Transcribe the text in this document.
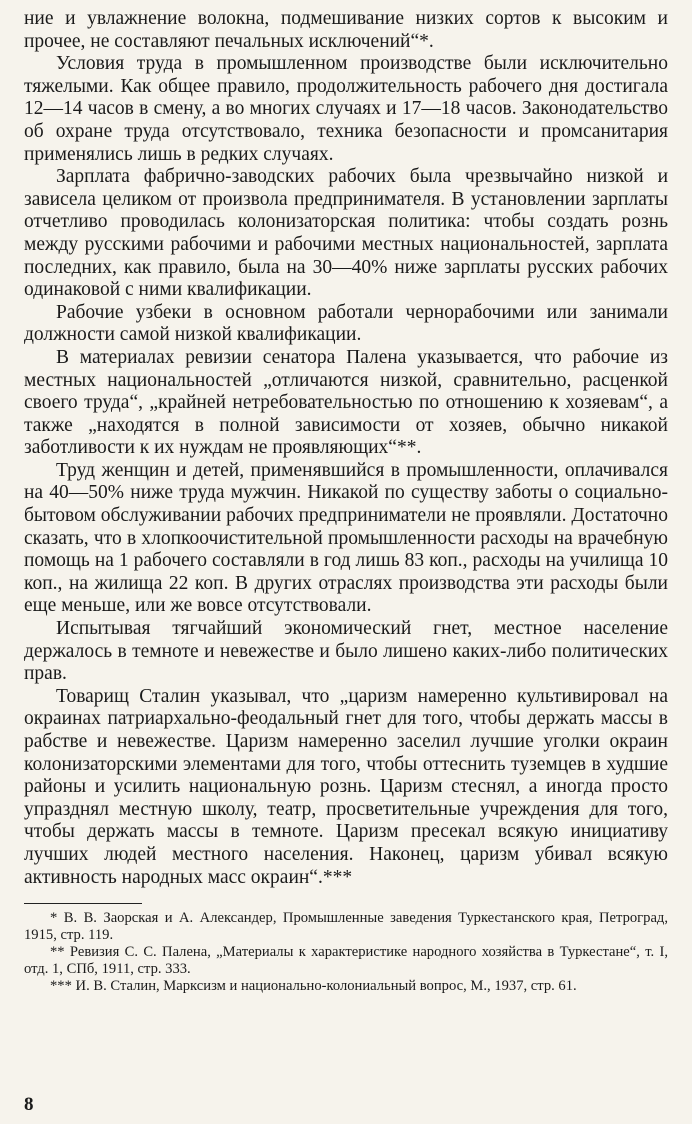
ние и увлажнение волокна, подмешивание низких сортов к высоким и прочее, не составляют печальных исключений“*.

Условия труда в промышленном производстве были исключительно тяжелыми. Как общее правило, продолжительность рабочего дня достигала 12—14 часов в смену, а во многих случаях и 17—18 часов. Законодательство об охране труда отсутствовало, техника безопасности и промсанитария применялись лишь в редких случаях.

Зарплата фабрично-заводских рабочих была чрезвычайно низкой и зависела целиком от произвола предпринимателя. В установлении зарплаты отчетливо проводилась колонизаторская политика: чтобы создать рознь между русскими рабочими и рабочими местных национальностей, зарплата последних, как правило, была на 30—40% ниже зарплаты русских рабочих одинаковой с ними квалификации.

Рабочие узбеки в основном работали чернорабочими или занимали должности самой низкой квалификации.

В материалах ревизии сенатора Палена указывается, что рабочие из местных национальностей „отличаются низкой, сравнительно, расценкой своего труда“, „крайней нетребовательностью по отношению к хозяевам“, а также „находятся в полной зависимости от хозяев, обычно никакой заботливости к их нуждам не проявляющих“**.

Труд женщин и детей, применявшийся в промышленности, оплачивался на 40—50% ниже труда мужчин. Никакой по существу заботы о социально-бытовом обслуживании рабочих предприниматели не проявляли. Достаточно сказать, что в хлопкоочистительной промышленности расходы на врачебную помощь на 1 рабочего составляли в год лишь 83 коп., расходы на училища 10 коп., на жилища 22 коп. В других отраслях производства эти расходы были еще меньше, или же вовсе отсутствовали.

Испытывая тягчайший экономический гнет, местное население держалось в темноте и невежестве и было лишено каких-либо политических прав.

Товарищ Сталин указывал, что „царизм намеренно культивировал на окраинах патриархально-феодальный гнет для того, чтобы держать массы в рабстве и невежестве. Царизм намеренно заселил лучшие уголки окраин колонизаторскими элементами для того, чтобы оттеснить туземцев в худшие районы и усилить национальную рознь. Царизм стеснял, а иногда просто упразднял местную школу, театр, просветительные учреждения для того, чтобы держать массы в темноте. Царизм пресекал всякую инициативу лучших людей местного населения. Наконец, царизм убивал всякую активность народных масс окраин“.***

* В. В. Заорская и А. Александер, Промышленные заведения Туркестанского края, Петроград, 1915, стр. 119.

** Ревизия С. С. Палена, „Материалы к характеристике народного хозяйства в Туркестане“, т. I, отд. 1, СПб, 1911, стр. 333.

*** И. В. Сталин, Марксизм и национально-колониальный вопрос, М., 1937, стр. 61.

8
